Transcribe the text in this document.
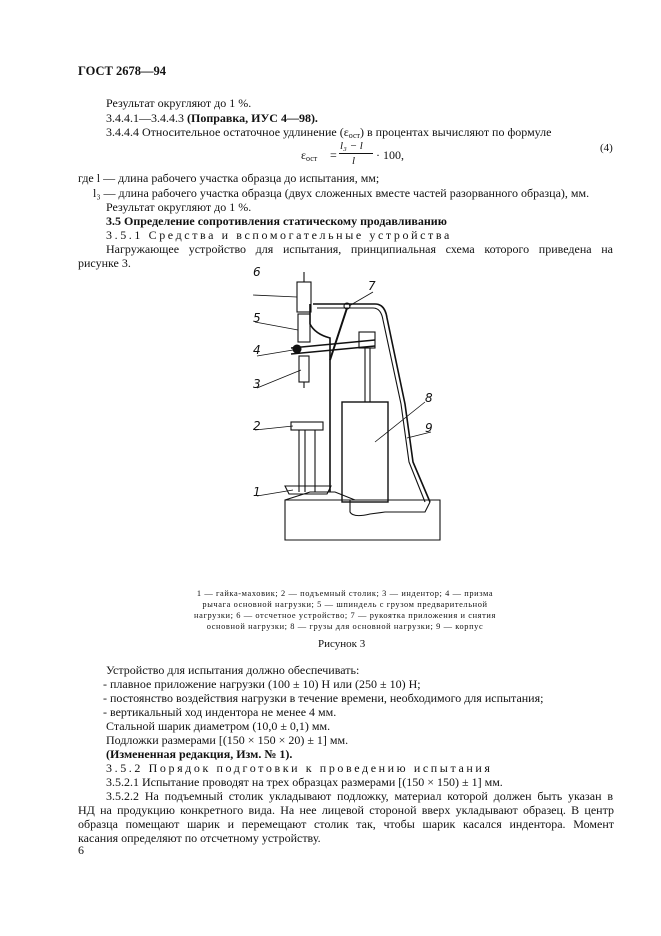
ГОСТ 2678—94
Результат округляют до 1 %.
3.4.4.1—3.4.4.3 (Поправка, ИУС 4—98).
3.4.4.4 Относительное остаточное удлинение $(\varepsilon_{ост})$ в процентах вычисляют по формуле
$\varepsilon_{ост}$ =
l₃ − l
l · 100,	(4)
где l — длина рабочего участка образца до испытания, мм;
l₃ — длина рабочего участка образца (двух сложенных вместе частей разорванного образца), мм.
Результат округляют до 1 %.
3.5 Определение сопротивления статическому продавливанию
3.5.1 Средства и вспомогательные устройства
Нагружающее устройство для испытания, принципиальная схема которого приведена на
рисунке 3.
6
5
4
3
2
1
7
8
9
1 — гайка-маховик; 2 — подъемный столик; 3 — индентор; 4 — призма
рычага основной нагрузки; 5 — шпиндель с грузом предварительной
нагрузки; 6 — отсчетное устройство; 7 — рукоятка приложения и снятия
основной нагрузки; 8 — грузы для основной нагрузки; 9 — корпус
Рисунок 3
Устройство для испытания должно обеспечивать:
- плавное приложение нагрузки (100 ± 10) Н или (250 ± 10) Н;
- постоянство воздействия нагрузки в течение времени, необходимого для испытания;
- вертикальный ход индентора не менее 4 мм.
Стальной шарик диаметром (10,0 ± 0,1) мм.
Подложки размерами [(150 × 150 × 20) ± 1] мм.
(Измененная редакция, Изм. № 1).
3.5.2 Порядок подготовки к проведению испытания
3.5.2.1 Испытание проводят на трех образцах размерами [(150 × 150) ± 1] мм.
3.5.2.2 На подъемный столик укладывают подложку, материал которой должен быть указан в
НД на продукцию конкретного вида. На нее лицевой стороной вверх укладывают образец. В центр
образца помещают шарик и перемещают столик так, чтобы шарик касался индентора. Момент
касания определяют по отсчетному устройству.
6
